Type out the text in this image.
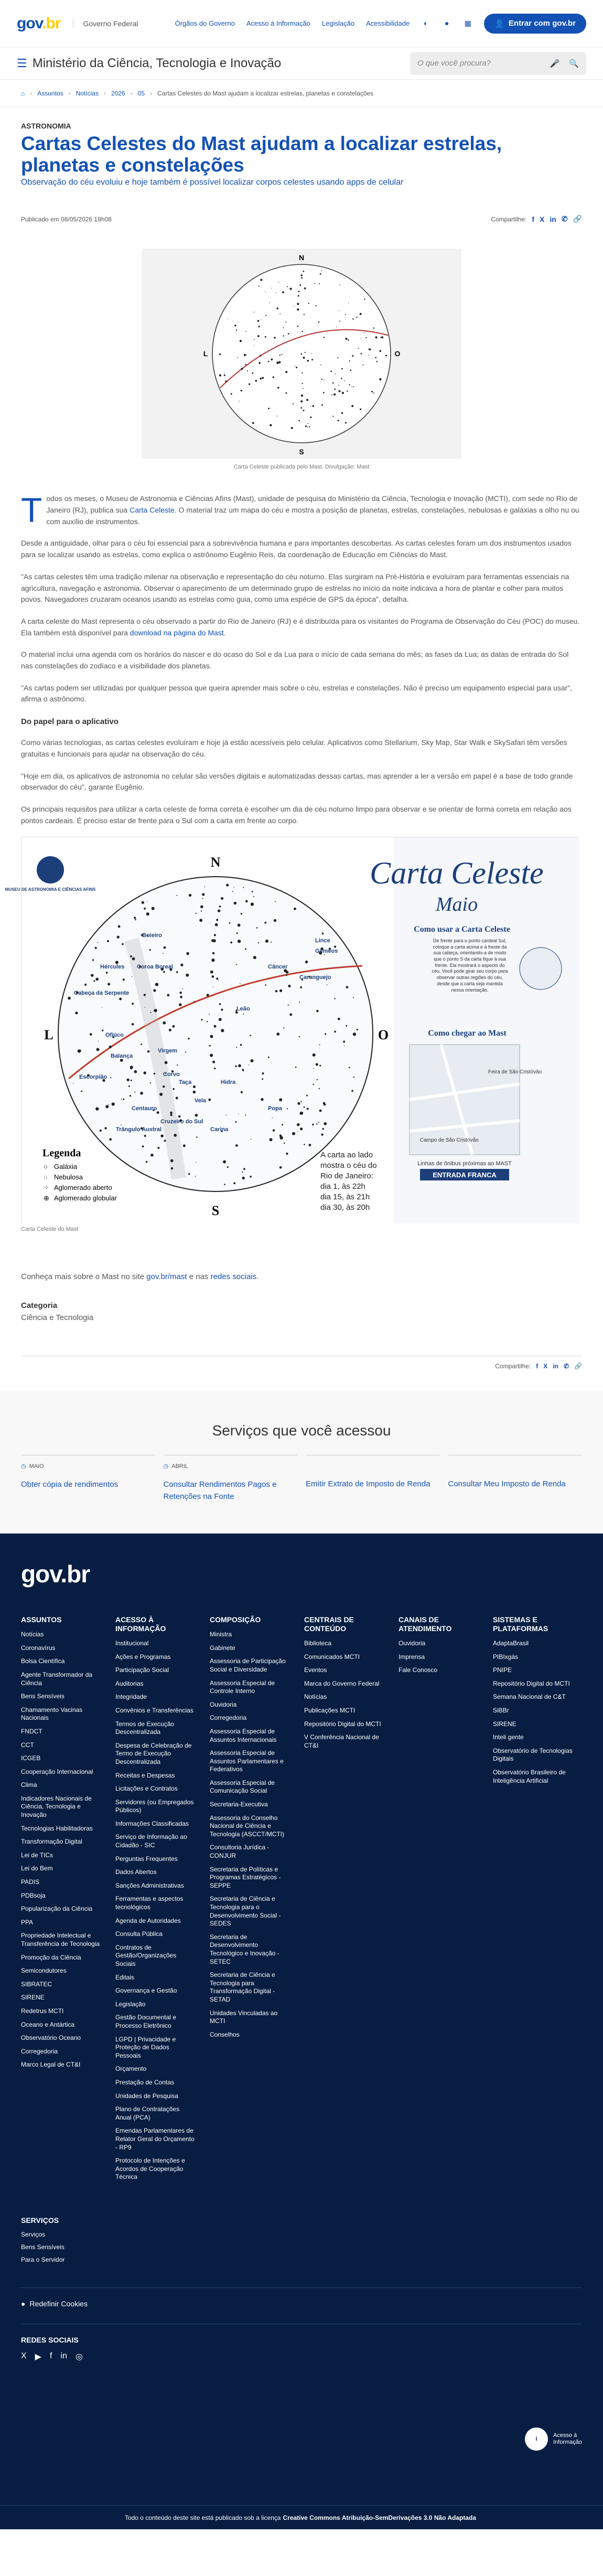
gov.br	Governo Federal	Órgãos do Governo Acesso à Informação Legislação Acessibilidade	◐	●	▦	👤 Entrar com gov.br
☰ Ministério da Ciência, Tecnologia e Inovação	O que você procura?	🎤 🔍
⌂ › Assuntos › Notícias › 2026 › 05 › Cartas Celestes do Mast ajudam a localizar estrelas, planetas e constelações
ASTRONOMIA
Cartas Celestes do Mast ajudam a localizar estrelas, planetas e constelações
Observação do céu evoluiu e hoje também é possível localizar corpos celestes usando apps de celular
Publicado em 08/05/2026 18h08	Compartilhe: f X in ✆ 🔗
N
S
L	O
Carta Celeste publicada pelo Mast. Divulgação: Mast

Todos os meses, o Museu de Astronomia e Ciências Afins (Mast), unidade de pesquisa do Ministério da Ciência, Tecnologia e Inovação (MCTI), com sede no Rio de Janeiro (RJ), publica sua Carta Celeste. O material traz um mapa do céu e mostra a posição de planetas, estrelas, constelações, nebulosas e galáxias a olho nu ou com auxílio de instrumentos.

Desde a antiguidade, olhar para o céu foi essencial para a sobrevivência humana e para importantes descobertas. As cartas celestes foram um dos instrumentos usados para se localizar usando as estrelas, como explica o astrônomo Eugênio Reis, da coordenação de Educação em Ciências do Mast.

"As cartas celestes têm uma tradição milenar na observação e representação do céu noturno. Elas surgiram na Pré-História e evoluíram para ferramentas essenciais na agricultura, navegação e astronomia. Observar o aparecimento de um determinado grupo de estrelas no início da noite indicava a hora de plantar e colher para muitos povos. Navegadores cruzaram oceanos usando as estrelas como guia, como uma espécie de GPS da época", detalha.

A carta celeste do Mast representa o céu observado a partir do Rio de Janeiro (RJ) e é distribuída para os visitantes do Programa de Observação do Céu (POC) do museu. Ela também está disponível para download na página do Mast.

O material inclui uma agenda com os horários do nascer e do ocaso do Sol e da Lua para o início de cada semana do mês; as fases da Lua; as datas de entrada do Sol nas constelações do zodíaco e a visibilidade dos planetas.

"As cartas podem ser utilizadas por qualquer pessoa que queira aprender mais sobre o céu, estrelas e constelações. Não é preciso um equipamento especial para usar", afirma o astrônomo.

Do papel para o aplicativo

Como várias tecnologias, as cartas celestes evoluíram e hoje já estão acessíveis pelo celular. Aplicativos como Stellarium, Sky Map, Star Walk e SkySafari têm versões gratuitas e funcionais para ajudar na observação do céu.

"Hoje em dia, os aplicativos de astronomia no celular são versões digitais e automatizadas dessas cartas, mas aprender a ler a versão em papel é a base de todo grande observador do céu", garante Eugênio.

Os principais requisitos para utilizar a carta celeste de forma correta é escolher um dia de céu noturno limpo para observar e se orientar de forma correta em relação aos pontos cardeais. É preciso estar de frente para o Sul com a carta em frente ao corpo.

MUSEU DE ASTRONOMIA E CIÊNCIAS AFINS
Boieiro
Hércules
Cabeça da Serpente
Coroa Boreal
Ofiúco
Escorpião
Balança
Virgem
Corvo
Taça
Centauro
Cruzeiro do Sul
Carina
Vela
Hidra
Leão
Câncer
Gêmeos
Lince
Caranguejo
Popa
Trângulo Austral
N
S
L	O
Carta Celeste
Maio
Como usar a Carta Celeste
De frente para o ponto cardeal Sul, coloque a carta acima e à frente da sua cabeça, orientando-a de modo que o ponto S da carta fique à sua frente. Ela mostrará o aspecto do céu. Você pode girar seu corpo para observar outras regiões do céu, desde que a carta seja mantida nessa orientação.
Como chegar ao Mast
Feira de São Cristóvão
Campo de São Cristóvão
Linhas de ônibus próximas ao MAST
ENTRADA FRANCA
Legenda
Galáxia
○
Nebulosa
◌
Aglomerado aberto
⁘
Aglomerado globular
⊕
A carta ao lado
mostra o céu do
Rio de Janeiro:
dia 1, às 22h
dia 15, às 21h
dia 30, às 20h
Carta Celeste do Mast
Conheça mais sobre o Mast no site gov.br/mast e nas redes sociais.
Categoria
Ciência e Tecnologia
Compartilhe: f X in ✆ 🔗
Serviços que você acessou
◷ MAIO
Obter cópia de rendimentos
◷ ABRIL
Consultar Rendimentos Pagos e Retenções na Fonte

Emitir Extrato de Imposto de Renda
	Consultar Meu Imposto de Renda
gov.br
ASSUNTOS
Notícias
Coronavírus
Bolsa Científica
Agente Transformador da Ciência
Bens Sensíveis
Chamamento Vacinas Nacionais
FNDCT
CCT
ICGEB
Cooperação Internacional
Clima
Indicadores Nacionais de Ciência, Tecnologia e Inovação
Tecnologias Habilitadoras
Transformação Digital
Lei de TICs
Lei do Bem
PADIS
PDBsoja
Popularização da Ciência
PPA
Propriedade Intelectual e Transferência de Tecnologia
Promoção da Ciência
Semicondutores
SIBRATEC
SIRENE
Redetrus MCTI
Oceano e Antártica
Observatório Oceano
Corregedoria
Marco Legal de CT&I
ACESSO À INFORMAÇÃO
Institucional
Ações e Programas
Participação Social
Auditorias
Integridade
Convênios e Transferências
Termos de Execução Descentralizada
Despesa de Celebração de Termo de Execução Descentralizada
Receitas e Despesas
Licitações e Contratos
Servidores (ou Empregados Públicos)
Informações Classificadas
Serviço de Informação ao Cidadão - SIC
Perguntas Frequentes
Dados Abertos
Sanções Administrativas
Ferramentas e aspectos tecnológicos
Agenda de Autoridades
Consulta Pública
Contratos de Gestão/Organizações Sociais
Editais
Governança e Gestão
Legislação
Gestão Documental e Processo Eletrônico
LGPD | Privacidade e Proteção de Dados Pessoais
Orçamento
Prestação de Contas
Unidades de Pesquisa
Plano de Contratações Anual (PCA)
Emendas Parlamentares de Relator Geral do Orçamento - RP9
Protocolo de Intenções e Acordos de Cooperação Técnica
COMPOSIÇÃO
Ministra
Gabinete
Assessoria de Participação Social e Diversidade
Assessoria Especial de Controle Interno
Ouvidoria
Corregedoria
Assessoria Especial de Assuntos Internacionais
Assessoria Especial de Assuntos Parlamentares e Federativos
Assessoria Especial de Comunicação Social
Secretaria-Executiva
Assessoria do Conselho Nacional de Ciência e Tecnologia (ASCCT/MCTI)
Consultoria Jurídica - CONJUR
Secretaria de Políticas e Programas Estratégicos - SEPPE
Secretaria de Ciência e Tecnologia para o Desenvolvimento Social - SEDES
Secretaria de Desenvolvimento Tecnológico e Inovação - SETEC
Secretaria de Ciência e Tecnologia para Transformação Digital - SETAD
Unidades Vinculadas ao MCTI
Conselhos
CENTRAIS DE CONTEÚDO
Biblioteca
Comunicados MCTI
Eventos
Marca do Governo Federal
Notícias
Publicações MCTI
Repositório Digital do MCTI
V Conferência Nacional de CT&I
CANAIS DE ATENDIMENTO
Ouvidoria
Imprensa
Fale Conosco
SISTEMAS E PLATAFORMAS
AdaptaBrasil
PIBIxgás
PNIPE
Repositório Digital do MCTI
Semana Nacional de C&T
SiBBr
SIRENE
Inteli gente
Observatório de Tecnologias Digitais
Observatório Brasileiro de Inteligência Artificial
SERVIÇOS
Serviços
Bens Sensíveis
Para o Servidor
● Redefinir Cookies
REDES SOCIAIS
X ▶ f in ◎
i
Acesso à
Informação
Todo o conteúdo deste site está publicado sob a licença Creative Commons Atribuição-SemDerivações 3.0 Não Adaptada
